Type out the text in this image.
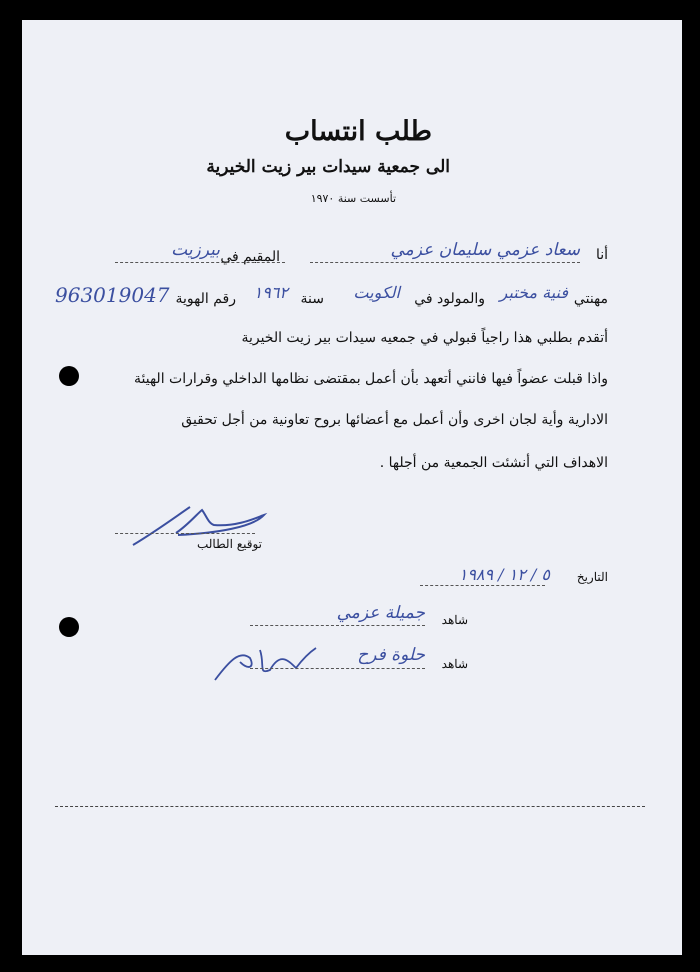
طلب انتساب
الى جمعية سيدات بير زيت الخيرية
تأسست سنة ١٩٧٠
أنا
سعاد عزمي سليمان عزمي
المقيم في
بيرزيت
مهنتي
فنية مختبر
والمولود في
الكويت
سنة
١٩٦٢
رقم الهوية
963019047
أتقدم بطلبي هذا راجياً قبولي في جمعيه سيدات بير زيت الخيرية
واذا قبلت عضواً فيها فانني أتعهد بأن أعمل بمقتضى نظامها الداخلي وقرارات الهيئة
الادارية وأية لجان اخرى وأن أعمل مع أعضائها بروح تعاونية من أجل تحقيق
الاهداف التي أنشئت الجمعية من أجلها .
توقيع الطالب
التاريخ
٥ / ١٢ / ١٩٨٩
شاهد
جميلة عزمي
شاهد
حلوة فرح
